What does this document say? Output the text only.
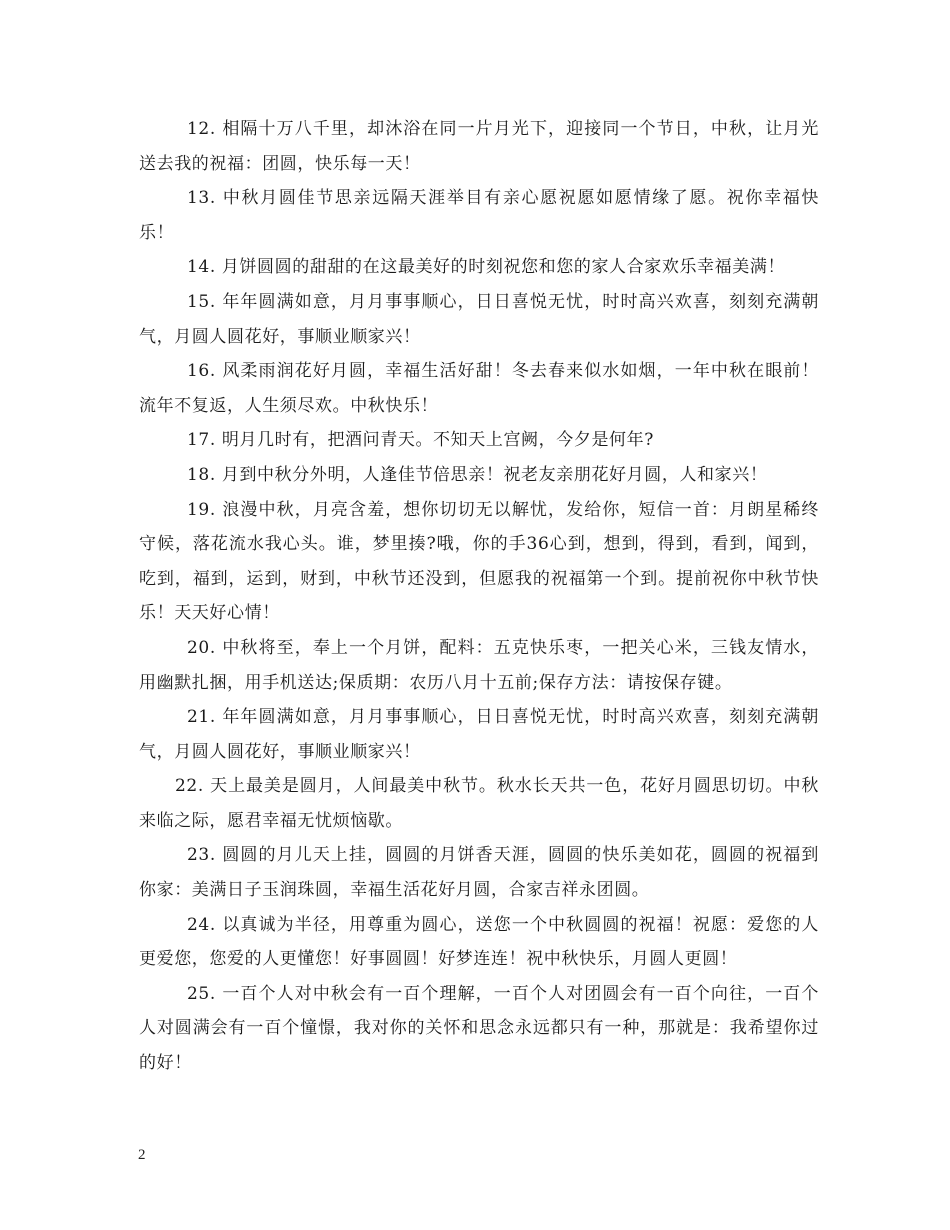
12. 相隔十万八千里，却沐浴在同一片月光下，迎接同一个节日，中秋，让月光送去我的祝福：团圆，快乐每一天！

13. 中秋月圆佳节思亲远隔天涯举目有亲心愿祝愿如愿情缘了愿。祝你幸福快乐！

14. 月饼圆圆的甜甜的在这最美好的时刻祝您和您的家人合家欢乐幸福美满！

15. 年年圆满如意，月月事事顺心，日日喜悦无忧，时时高兴欢喜，刻刻充满朝气，月圆人圆花好，事顺业顺家兴！

16. 风柔雨润花好月圆，幸福生活好甜！冬去春来似水如烟，一年中秋在眼前！流年不复返，人生须尽欢。中秋快乐！

17. 明月几时有，把酒问青天。不知天上宫阙，今夕是何年?

18. 月到中秋分外明，人逢佳节倍思亲！祝老友亲朋花好月圆，人和家兴！

19. 浪漫中秋，月亮含羞，想你切切无以解忧，发给你，短信一首：月朗星稀终守候，落花流水我心头。谁，梦里揍?哦，你的手36心到，想到，得到，看到，闻到，吃到，福到，运到，财到，中秋节还没到，但愿我的祝福第一个到。提前祝你中秋节快乐！天天好心情！

20. 中秋将至，奉上一个月饼，配料：五克快乐枣，一把关心米，三钱友情水，用幽默扎捆，用手机送达;保质期：农历八月十五前;保存方法：请按保存键。

21. 年年圆满如意，月月事事顺心，日日喜悦无忧，时时高兴欢喜，刻刻充满朝气，月圆人圆花好，事顺业顺家兴！

22. 天上最美是圆月，人间最美中秋节。秋水长天共一色，花好月圆思切切。中秋来临之际，愿君幸福无忧烦恼歇。

23. 圆圆的月儿天上挂，圆圆的月饼香天涯，圆圆的快乐美如花，圆圆的祝福到你家：美满日子玉润珠圆，幸福生活花好月圆，合家吉祥永团圆。

24. 以真诚为半径，用尊重为圆心，送您一个中秋圆圆的祝福！祝愿：爱您的人更爱您，您爱的人更懂您！好事圆圆！好梦连连！祝中秋快乐，月圆人更圆！

25. 一百个人对中秋会有一百个理解，一百个人对团圆会有一百个向往，一百个人对圆满会有一百个憧憬，我对你的关怀和思念永远都只有一种，那就是：我希望你过的好！

2
